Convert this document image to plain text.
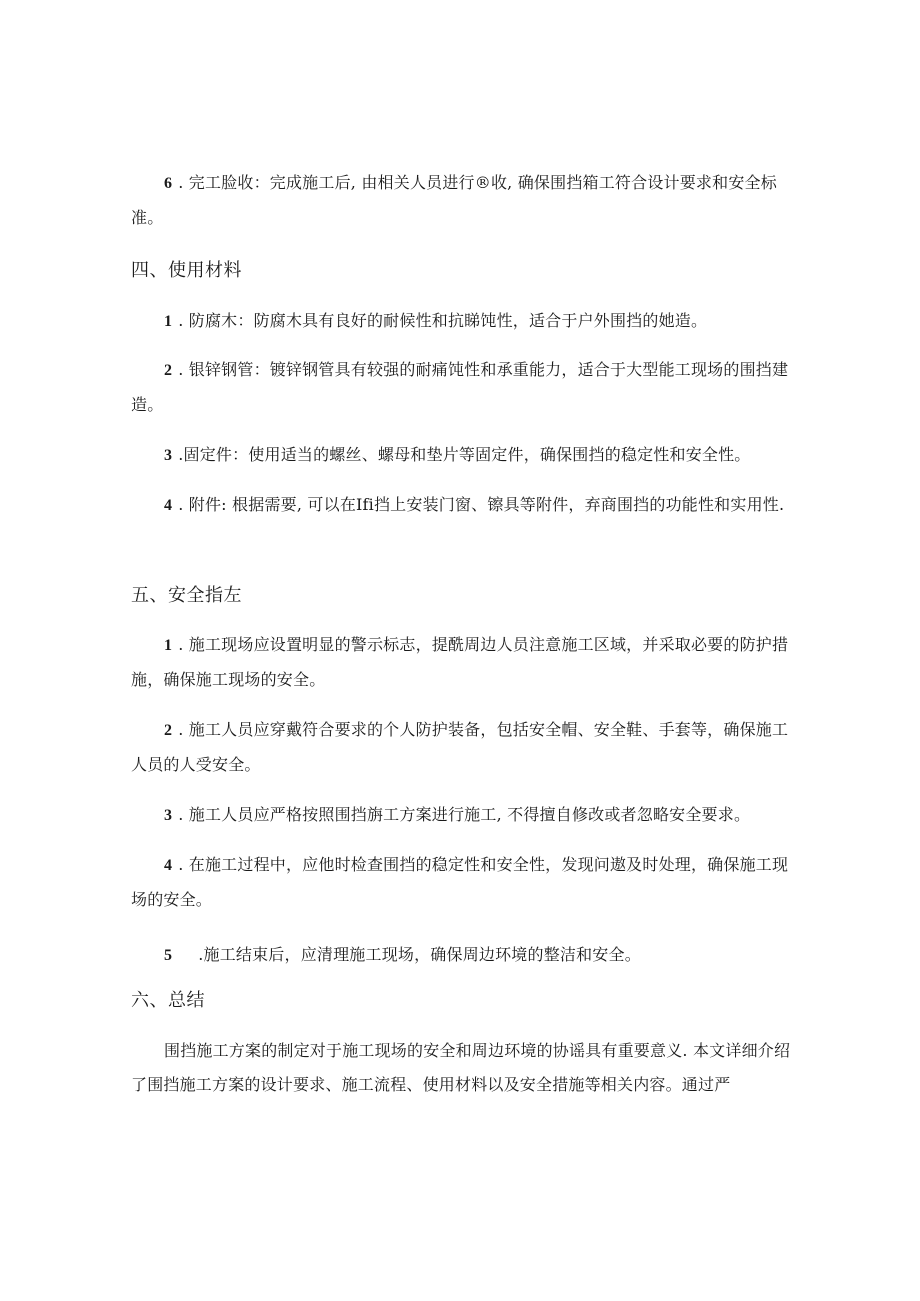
6 . 完工脸收：完成施工后, 由相关人员进行®收, 确保围挡箱工符合设计要求和安全标准。
四、使用材料
1 . 防腐木：防腐木具有良好的耐候性和抗睇饨性，适合于户外围挡的她造。
2 . 银锌钢管：镀锌钢管具有较强的耐痛饨性和承重能力，适合于大型能工现场的围挡建造。
3 .固定件：使用适当的螺丝、螺母和垫片等固定件，确保围挡的稳定性和安全性。
4 . 附件: 根据需要, 可以在Ifi挡上安装门窗、镲具等附件，弃商围挡的功能性和实用性.
五、安全指左
1 . 施工现场应设置明显的警示标志，提酰周边人员注意施工区域，并采取必要的防护措施，确保施工现场的安全。
2 . 施工人员应穿戴符合要求的个人防护装备，包括安全帽、安全鞋、手套等，确保施工人员的人受安全。
3 . 施工人员应严格按照围挡旃工方案进行施工, 不得擅自修改或者忽略安全要求。
4 . 在施工过程中，应他时检查围挡的稳定性和安全性，发现问遨及时处理，确保施工现场的安全。
5 .施工结束后，应清理施工现场，确保周边环境的整洁和安全。
六、总结
围挡施工方案的制定对于施工现场的安全和周边环境的协谣具有重要意义. 本文详细介绍了围挡施工方案的设计要求、施工流程、使用材料以及安全措施等相关内容。通过严
